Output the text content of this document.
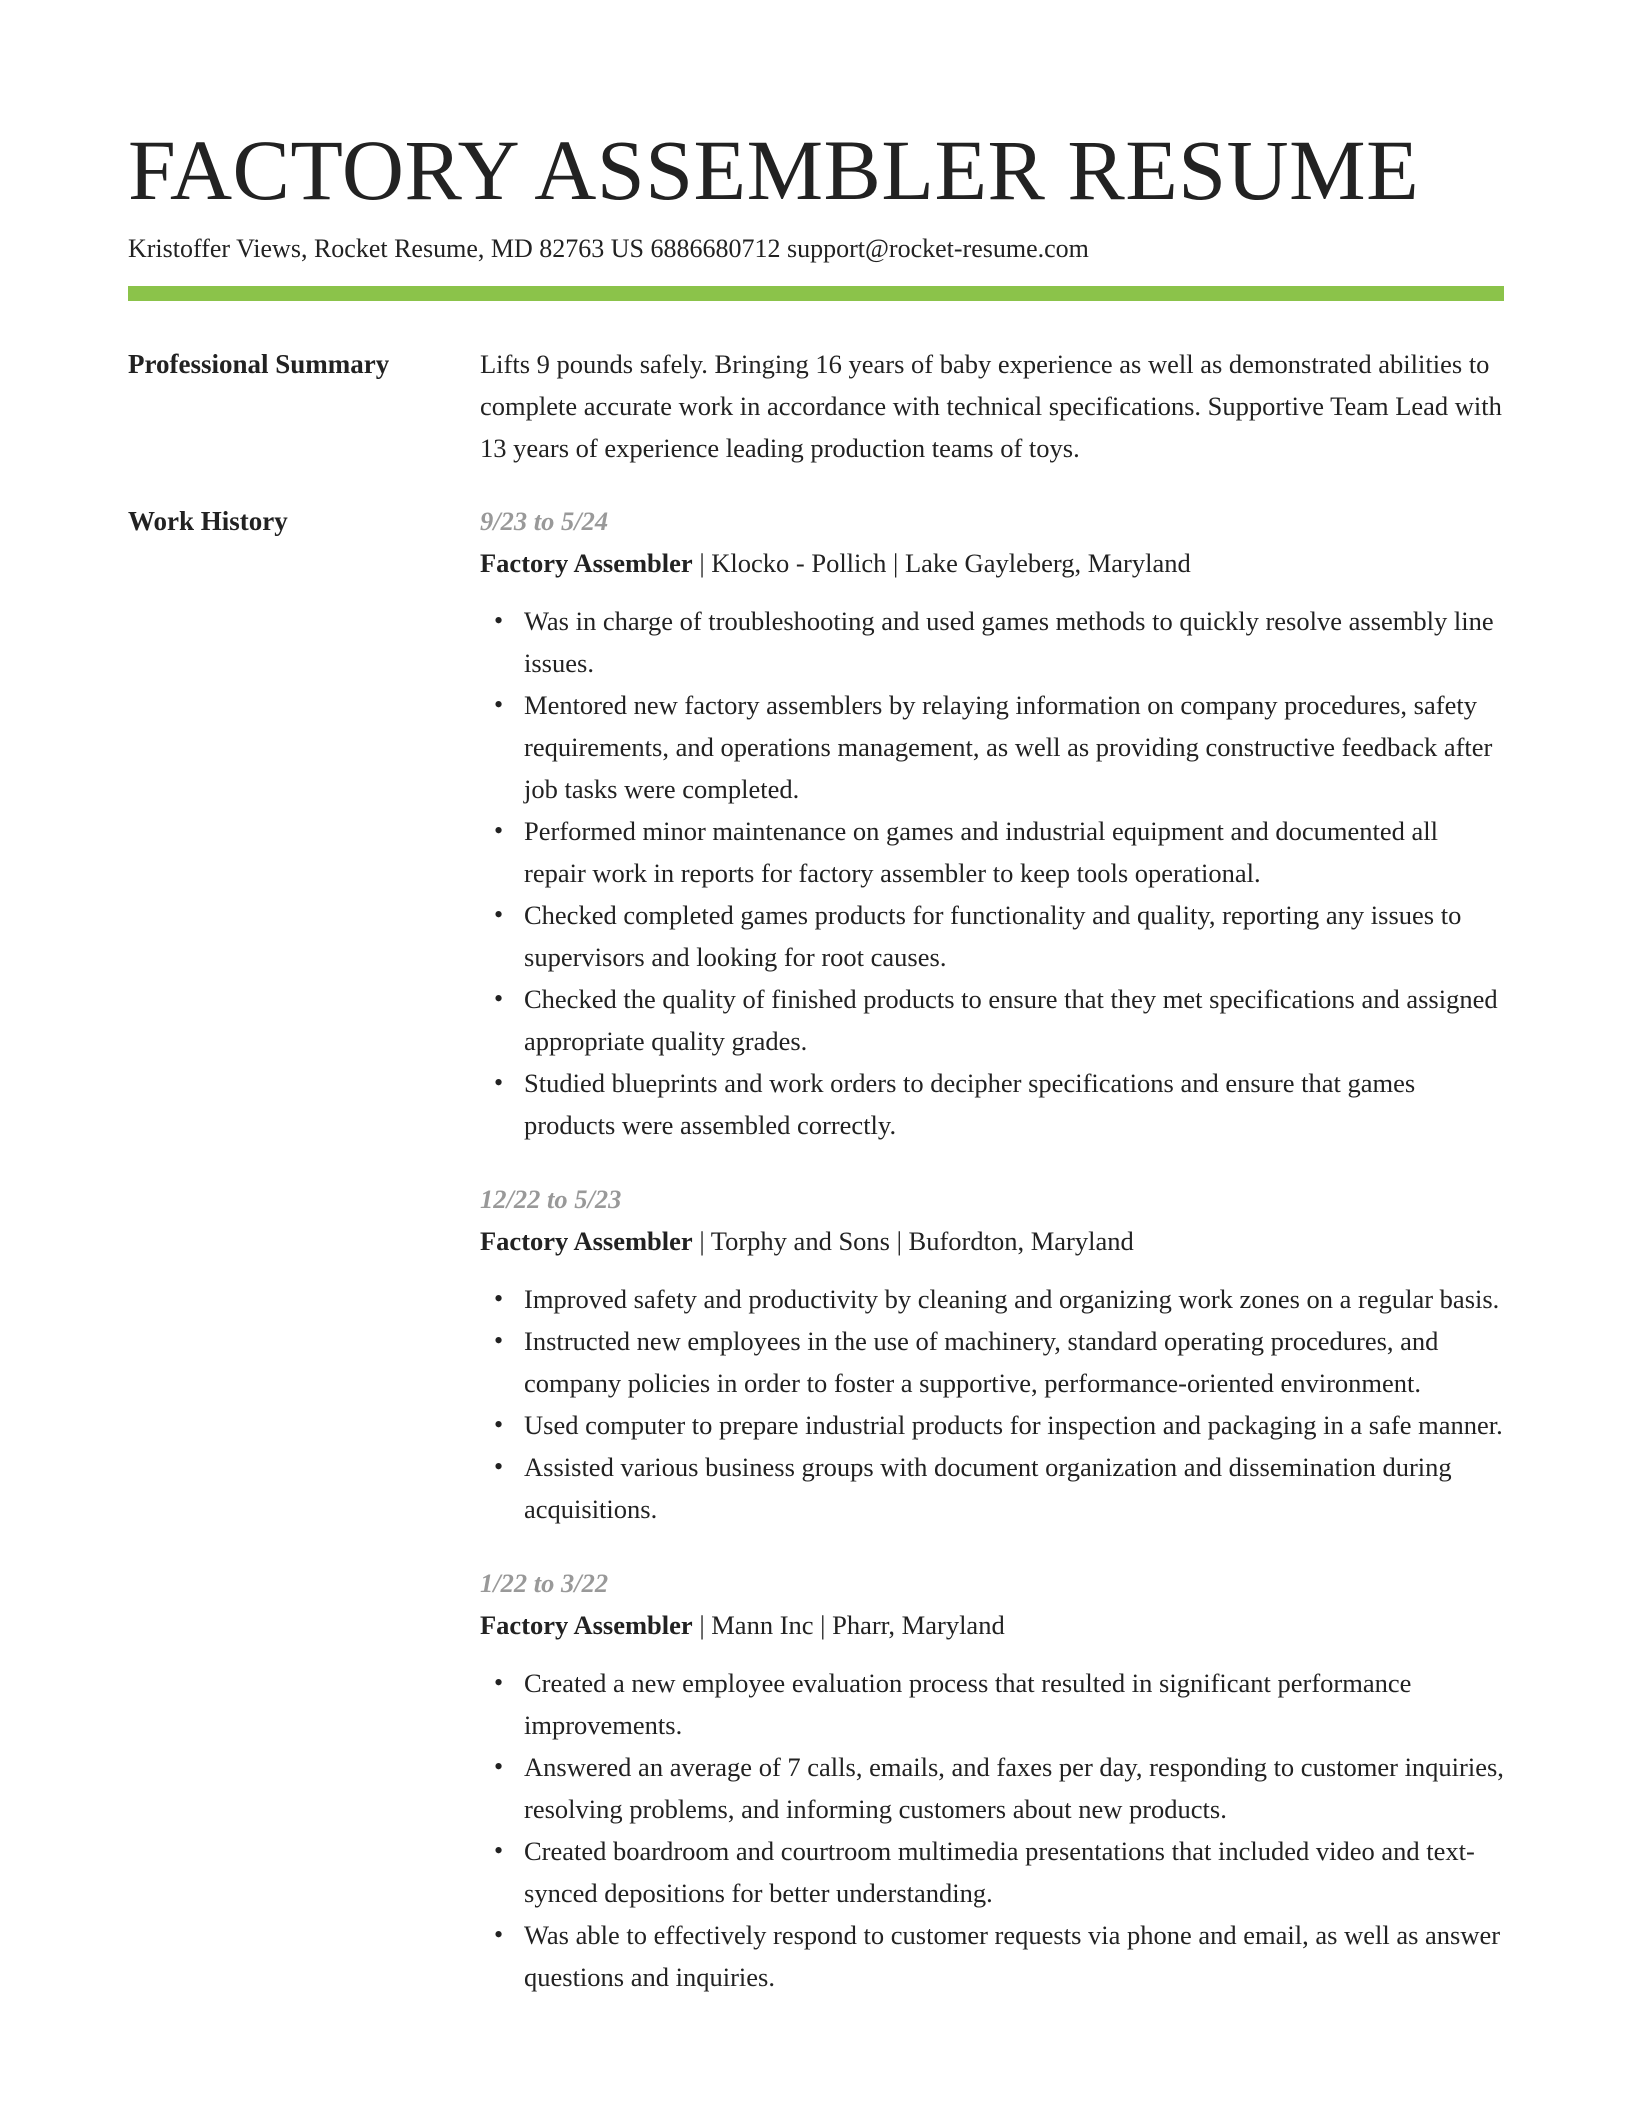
FACTORY ASSEMBLER RESUME
Kristoffer Views, Rocket Resume, MD 82763 US 6886680712 support@rocket-resume.com
Professional Summary	Lifts 9 pounds safely. Bringing 16 years of baby experience as well as demonstrated abilities to complete accurate work in accordance with technical specifications. Supportive Team Lead with 13 years of experience leading production teams of toys.

Work History	9/23 to 5/24
Factory Assembler | Klocko - Pollich | Lake Gayleberg, Maryland
• Was in charge of troubleshooting and used games methods to quickly resolve assembly line issues.
• Mentored new factory assemblers by relaying information on company procedures, safety requirements, and operations management, as well as providing constructive feedback after job tasks were completed.
• Performed minor maintenance on games and industrial equipment and documented all repair work in reports for factory assembler to keep tools operational.
• Checked completed games products for functionality and quality, reporting any issues to supervisors and looking for root causes.
• Checked the quality of finished products to ensure that they met specifications and assigned appropriate quality grades.
• Studied blueprints and work orders to decipher specifications and ensure that games products were assembled correctly.
12/22 to 5/23
Factory Assembler | Torphy and Sons | Bufordton, Maryland
• Improved safety and productivity by cleaning and organizing work zones on a regular basis.
• Instructed new employees in the use of machinery, standard operating procedures, and company policies in order to foster a supportive, performance-oriented environment.
• Used computer to prepare industrial products for inspection and packaging in a safe manner.
• Assisted various business groups with document organization and dissemination during acquisitions.
1/22 to 3/22
Factory Assembler | Mann Inc | Pharr, Maryland
• Created a new employee evaluation process that resulted in significant performance improvements.
• Answered an average of 7 calls, emails, and faxes per day, responding to customer inquiries, resolving problems, and informing customers about new products.
• Created boardroom and courtroom multimedia presentations that included video and text-synced depositions for better understanding.
• Was able to effectively respond to customer requests via phone and email, as well as answer questions and inquiries.
